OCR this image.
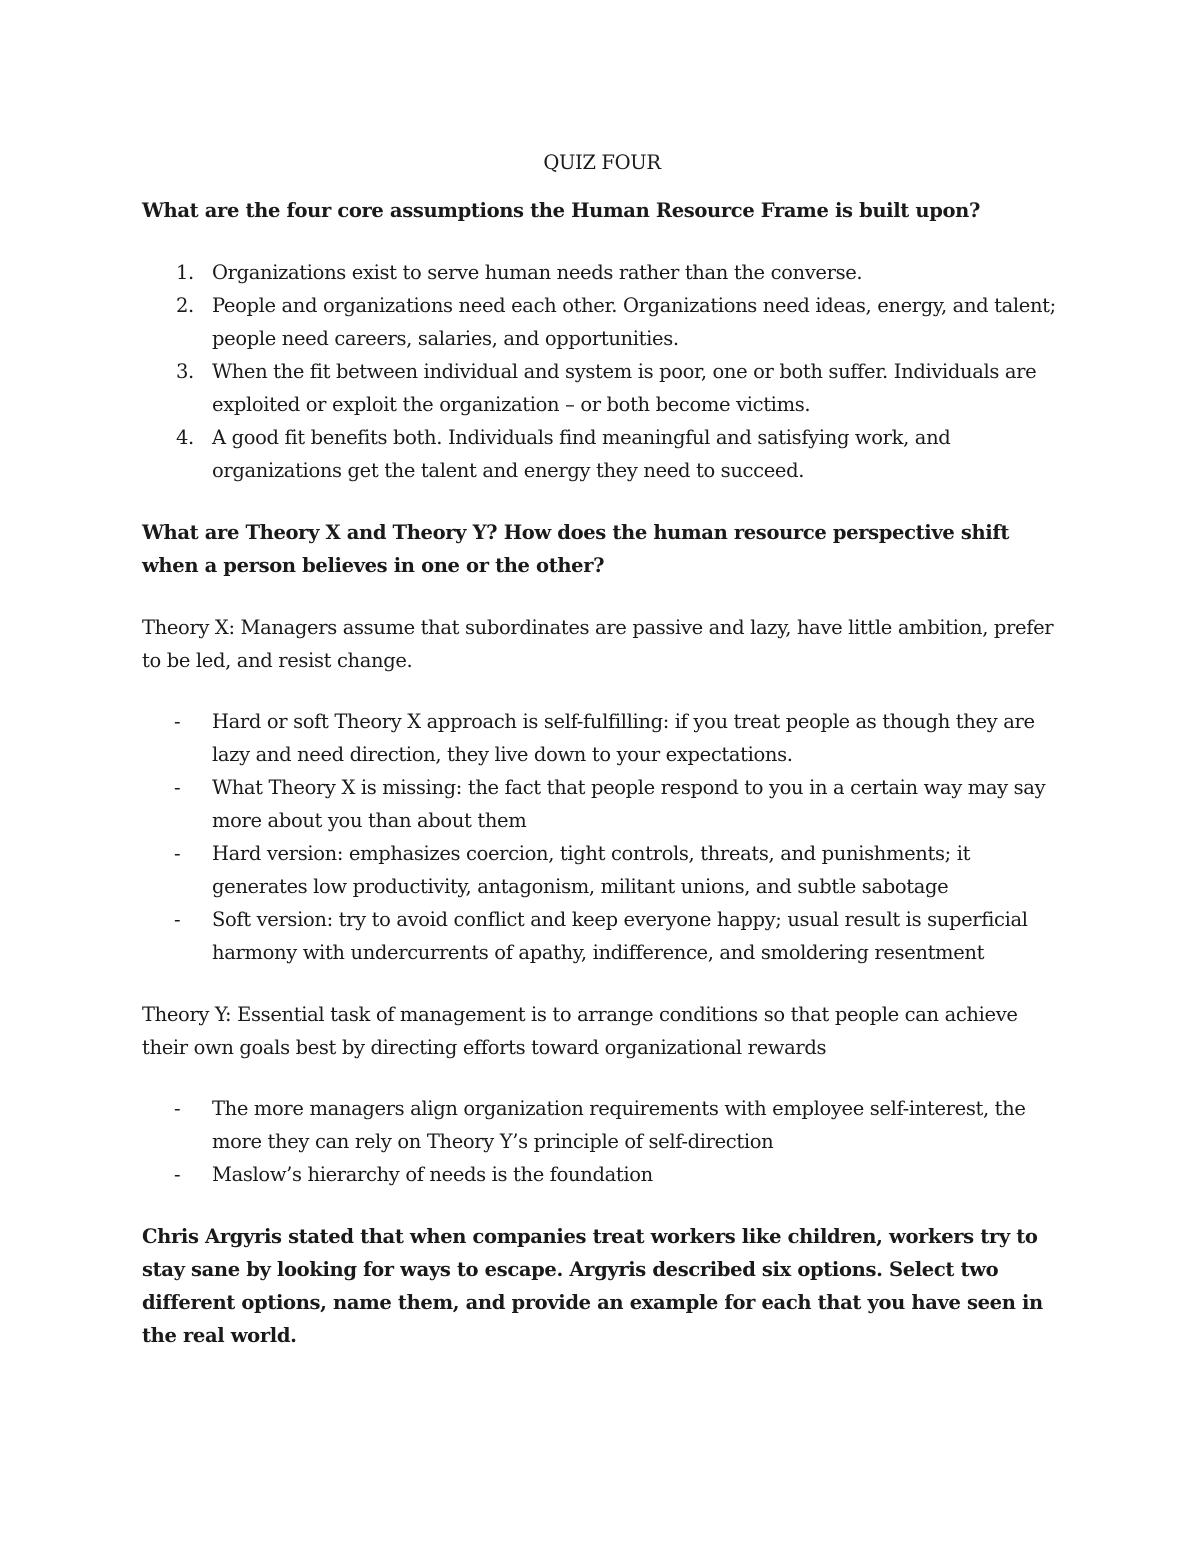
QUIZ FOUR
What are the four core assumptions the Human Resource Frame is built upon?
1. Organizations exist to serve human needs rather than the converse.
2. People and organizations need each other. Organizations need ideas, energy, and talent; people need careers, salaries, and opportunities.
3. When the fit between individual and system is poor, one or both suffer. Individuals are exploited or exploit the organization – or both become victims.
4. A good fit benefits both. Individuals find meaningful and satisfying work, and organizations get the talent and energy they need to succeed.
What are Theory X and Theory Y? How does the human resource perspective shift when a person believes in one or the other?
Theory X: Managers assume that subordinates are passive and lazy, have little ambition, prefer to be led, and resist change.
- Hard or soft Theory X approach is self-fulfilling: if you treat people as though they are lazy and need direction, they live down to your expectations.
- What Theory X is missing: the fact that people respond to you in a certain way may say more about you than about them
- Hard version: emphasizes coercion, tight controls, threats, and punishments; it generates low productivity, antagonism, militant unions, and subtle sabotage
- Soft version: try to avoid conflict and keep everyone happy; usual result is superficial harmony with undercurrents of apathy, indifference, and smoldering resentment
Theory Y: Essential task of management is to arrange conditions so that people can achieve their own goals best by directing efforts toward organizational rewards
- The more managers align organization requirements with employee self-interest, the more they can rely on Theory Y’s principle of self-direction
- Maslow’s hierarchy of needs is the foundation
Chris Argyris stated that when companies treat workers like children, workers try to stay sane by looking for ways to escape. Argyris described six options. Select two different options, name them, and provide an example for each that you have seen in the real world.
